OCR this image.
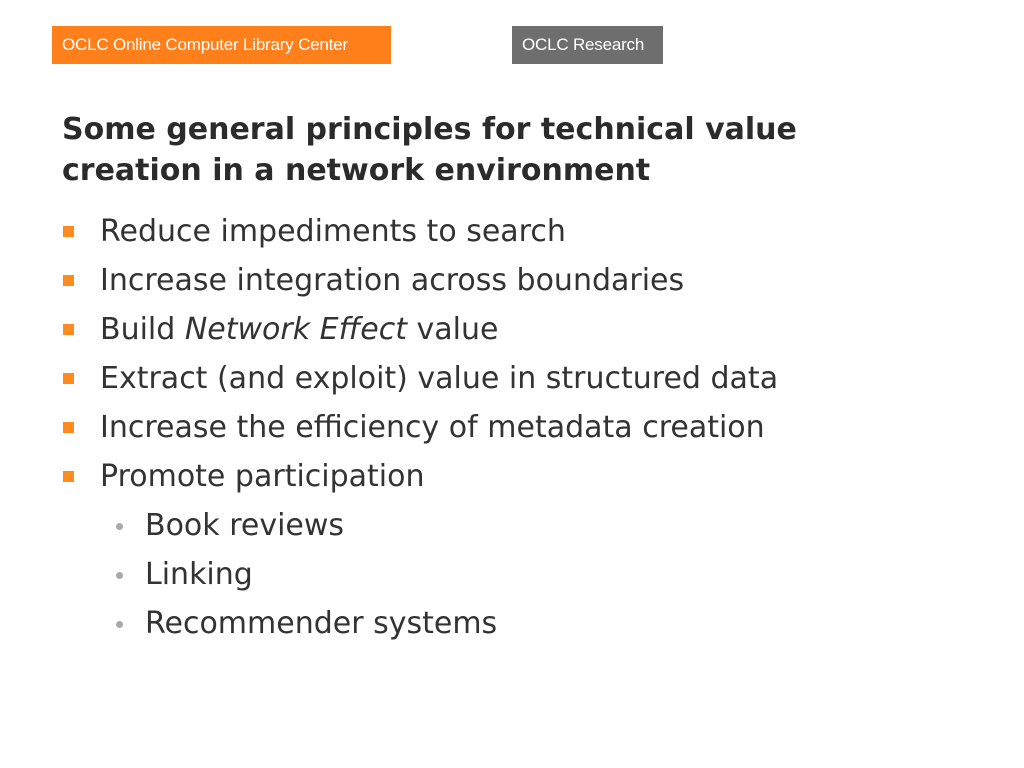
OCLC Online Computer Library Center	OCLC Research
Some general principles for technical value
creation in a network environment
Reduce impediments to search
Increase integration across boundaries
Build Network Effect value
Extract (and exploit) value in structured data
Increase the efficiency of metadata creation
Promote participation
Book reviews
Linking
Recommender systems
